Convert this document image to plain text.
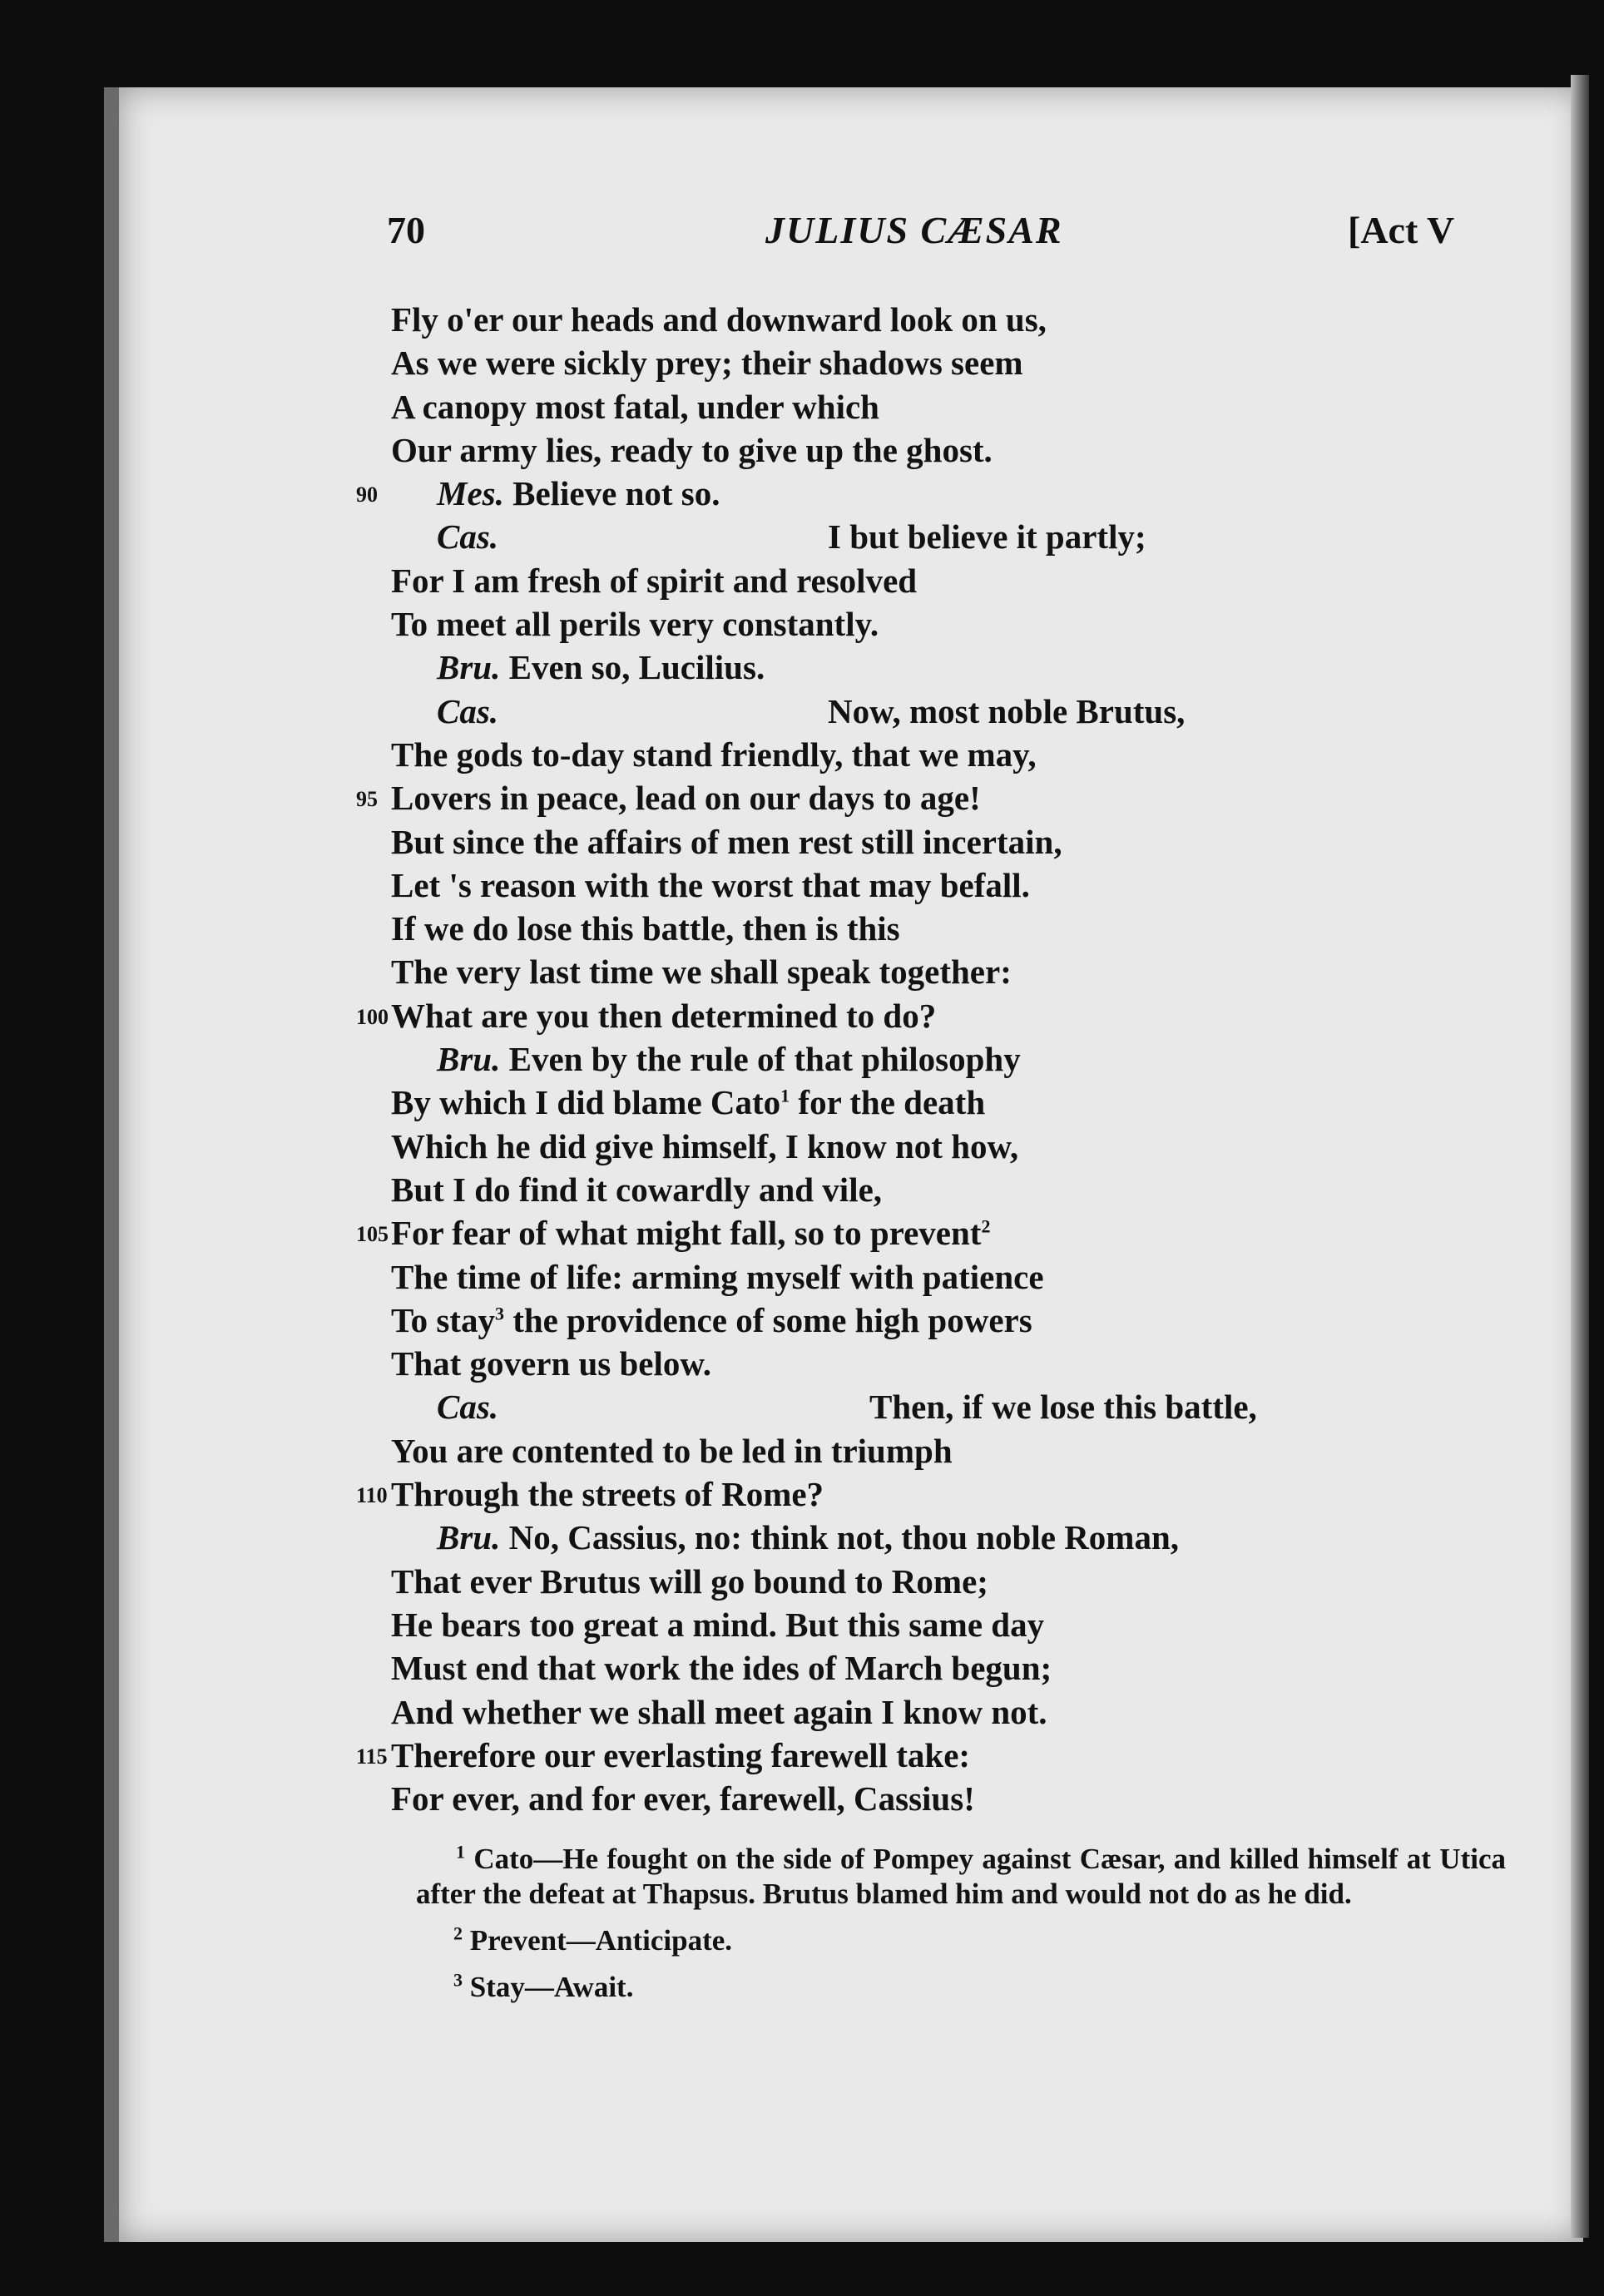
70	JULIUS CÆSAR	[Act V
Fly o'er our heads and downward look on us,
As we were sickly prey; their shadows seem
A canopy most fatal, under which
Our army lies, ready to give up the ghost.
90	Mes. Believe not so.
Cas.	I but believe it partly;
For I am fresh of spirit and resolved
To meet all perils very constantly.
Bru. Even so, Lucilius.
Cas.	Now, most noble Brutus,
The gods to-day stand friendly, that we may,
95 Lovers in peace, lead on our days to age!
But since the affairs of men rest still incertain,
Let 's reason with the worst that may befall.
If we do lose this battle, then is this
The very last time we shall speak together:
100 What are you then determined to do?
Bru. Even by the rule of that philosophy
By which I did blame Cato$^1$ for the death
Which he did give himself, I know not how,
But I do find it cowardly and vile,
105 For fear of what might fall, so to prevent$^2$
The time of life: arming myself with patience
To stay$^3$ the providence of some high powers
That govern us below.
Cas.	Then, if we lose this battle,
You are contented to be led in triumph
110 Through the streets of Rome?
Bru. No, Cassius, no: think not, thou noble Roman,
That ever Brutus will go bound to Rome;
He bears too great a mind. But this same day
Must end that work the ides of March begun;
And whether we shall meet again I know not.
115 Therefore our everlasting farewell take:
For ever, and for ever, farewell, Cassius!

$^1$ Cato—He fought on the side of Pompey against Cæsar, and killed himself at Utica after the defeat at Thapsus. Brutus blamed him and would not do as he did.

$^2$ Prevent—Anticipate.

$^3$ Stay—Await.
